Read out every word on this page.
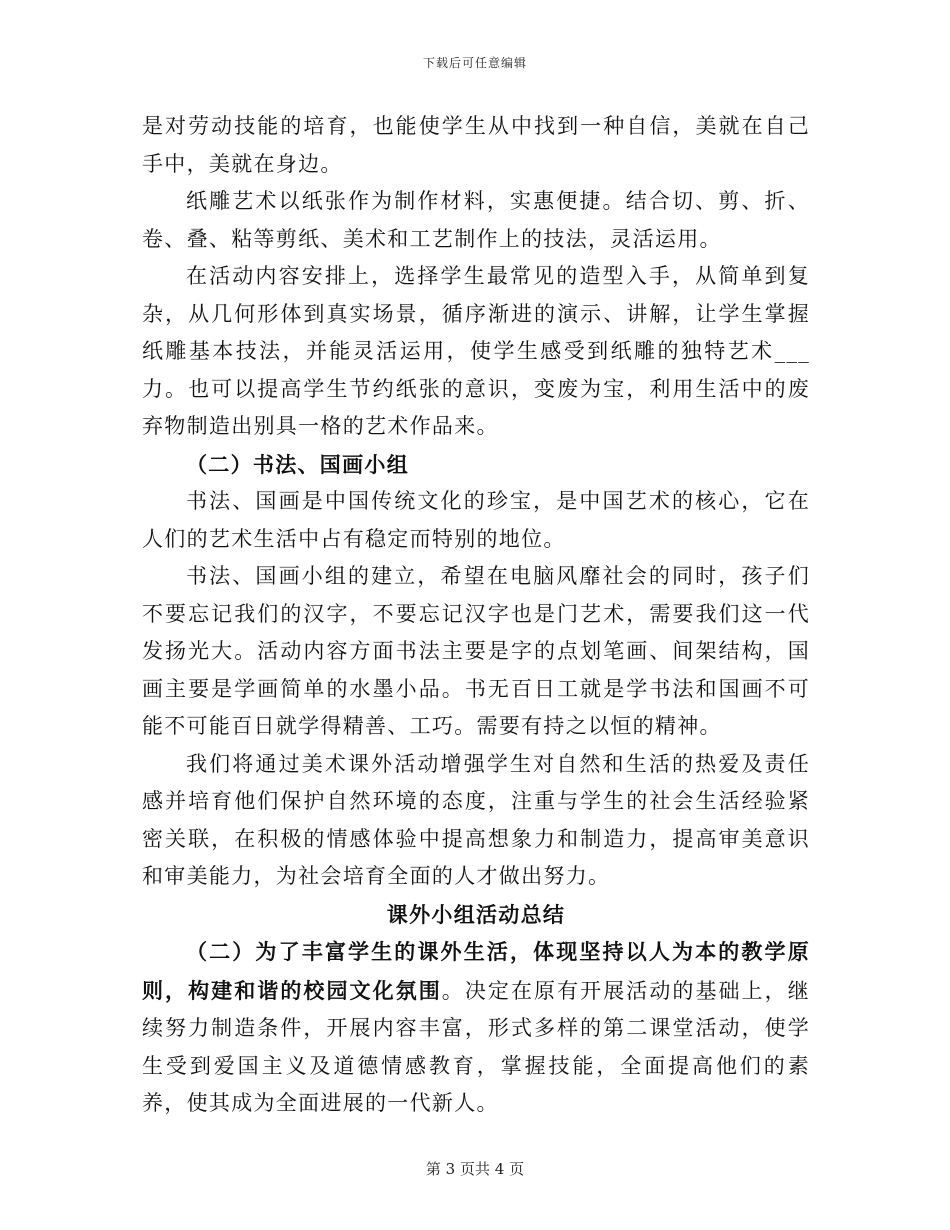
下载后可任意编辑

是对劳动技能的培育，也能使学生从中找到一种自信，美就在自己手中，美就在身边。

纸雕艺术以纸张作为制作材料，实惠便捷。结合切、剪、折、卷、叠、粘等剪纸、美术和工艺制作上的技法，灵活运用。

在活动内容安排上，选择学生最常见的造型入手，从简单到复杂，从几何形体到真实场景，循序渐进的演示、讲解，让学生掌握纸雕基本技法，并能灵活运用，使学生感受到纸雕的独特艺术___力。也可以提高学生节约纸张的意识，变废为宝，利用生活中的废弃物制造出别具一格的艺术作品来。

（二）书法、国画小组

书法、国画是中国传统文化的珍宝，是中国艺术的核心，它在人们的艺术生活中占有稳定而特别的地位。

书法、国画小组的建立，希望在电脑风靡社会的同时，孩子们不要忘记我们的汉字，不要忘记汉字也是门艺术，需要我们这一代发扬光大。活动内容方面书法主要是字的点划笔画、间架结构，国画主要是学画简单的水墨小品。书无百日工就是学书法和国画不可能不可能百日就学得精善、工巧。需要有持之以恒的精神。

我们将通过美术课外活动增强学生对自然和生活的热爱及责任感并培育他们保护自然环境的态度，注重与学生的社会生活经验紧密关联，在积极的情感体验中提高想象力和制造力，提高审美意识和审美能力，为社会培育全面的人才做出努力。

课外小组活动总结

（二）为了丰富学生的课外生活，体现坚持以人为本的教学原则，构建和谐的校园文化氛围。决定在原有开展活动的基础上，继续努力制造条件，开展内容丰富，形式多样的第二课堂活动，使学生受到爱国主义及道德情感教育，掌握技能，全面提高他们的素养，使其成为全面进展的一代新人。

第 3 页共 4 页
